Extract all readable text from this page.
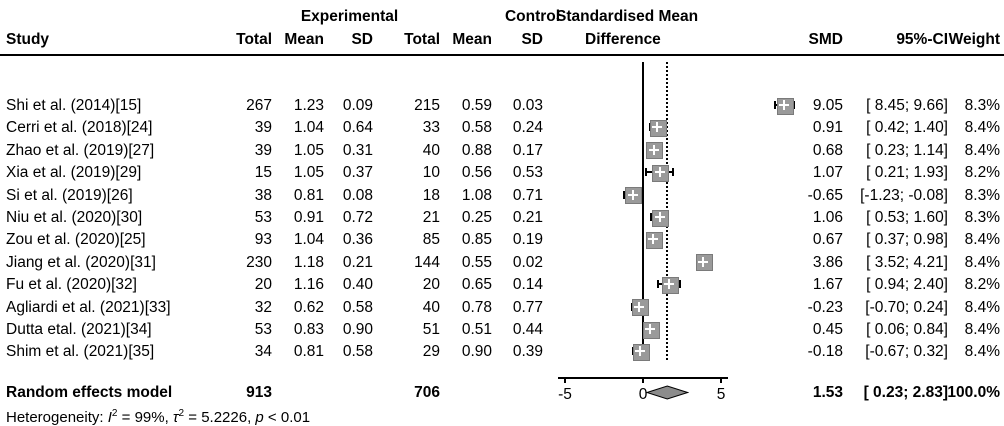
Experimental	Control
Standardised Mean
Difference
Study	Total Mean SD Total Mean SD	SMD	95%-CI Weight
Shi et al. (2014)[15]	267 1.23 0.09	215 0.59 0.03	9.05 [ 8.45; 9.66] 8.3%
Cerri et al. (2018)[24]	39 1.04 0.64	33 0.58 0.24	0.91 [ 0.42; 1.40] 8.4%
Zhao et al. (2019)[27]	39 1.05 0.31	40 0.88 0.17	0.68 [ 0.23; 1.14] 8.4%
Xia et al. (2019)[29]	15 1.05 0.37	10 0.56 0.53	1.07 [ 0.21; 1.93] 8.2%
Si et al. (2019)[26]	38 0.81 0.08	18 1.08 0.71	-0.65 [-1.23; -0.08] 8.3%
Niu et al. (2020)[30]	53 0.91 0.72	21 0.25 0.21	1.06 [ 0.53; 1.60] 8.3%
Zou et al. (2020)[25]	93 1.04 0.36	85 0.85 0.19	0.67 [ 0.37; 0.98] 8.4%
Jiang et al. (2020)[31]	230 1.18 0.21	144 0.55 0.02	3.86 [ 3.52; 4.21] 8.4%
Fu et al. (2020)[32]	20 1.16 0.40	20 0.65 0.14	1.67 [ 0.94; 2.40] 8.2%
Agliardi et al. (2021)[33]	32 0.62 0.58	40 0.78 0.77	-0.23 [-0.70; 0.24] 8.4%
Dutta etal. (2021)[34]	53 0.83 0.90	51 0.51 0.44	0.45 [ 0.06; 0.84] 8.4%
Shim et al. (2021)[35]	34 0.81 0.58	29 0.90 0.39	-0.18 [-0.67; 0.32] 8.4%
Random effects model	913	706	1.53 [ 0.23; 2.83] 100.0%
Heterogeneity: $I^2 = 99\%$, $\tau^2 = 5.2226$, p < 0.01
-5	0	5
